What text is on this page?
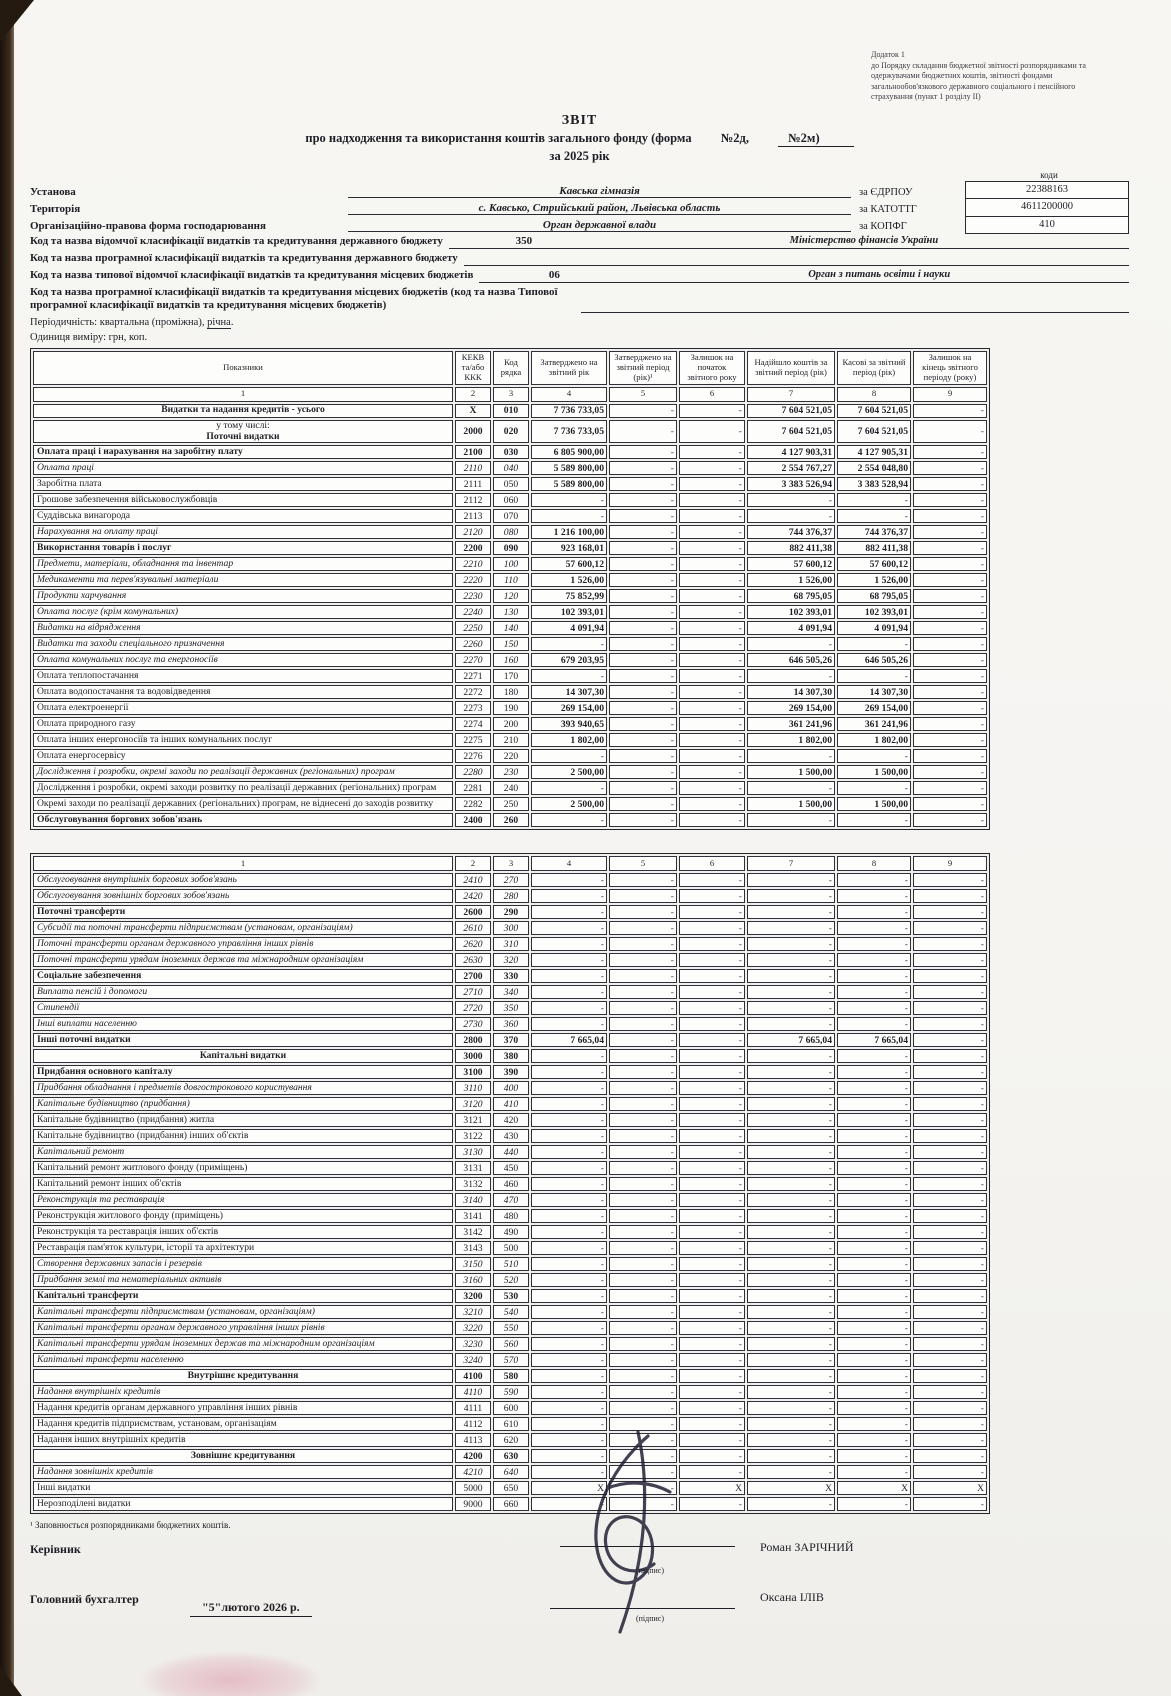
Додаток 1
до Порядку складання бюджетної звітності розпорядниками та
одержувачами бюджетних коштів, звітності фондами
загальнообов'язкового державного соціального і пенсійного
страхування (пункт 1 розділу ІІ)
ЗВІТ
про надходження та використання коштів загального фонду (форма №2д,	№2м)
за 2025 рік
коди
Установа	Кавська гімназія	за ЄДРПОУ
Територія	с. Кавсько, Стрийський район, Львівська область	за КАТОТТГ
Організаційно-правова форма господарювання	Орган державної влади	за КОПФГ
22388163
4611200000
410
Код та назва відомчої класифікації видатків та кредитування державного бюджету	350	Міністерство фінансів України
Код та назва програмної класифікації видатків та кредитування державного бюджету
Код та назва типової відомчої класифікації видатків та кредитування місцевих бюджетів	06	Орган з питань освіти і науки
Код та назва програмної класифікації видатків та кредитування місцевих бюджетів (код та назва Типової програмної класифікації видатків та кредитування місцевих бюджетів)
Періодичність: квартальна (проміжна), річна.
Одиниця виміру: грн, коп.
Показники	КЕКВ та/або ККК	Код рядка	Затверджено на звітний рік	Затверджено на звітний період (рік)¹	Залишок на початок звітного року	Надійшло коштів за звітний період (рік)	Касові за звітний період (рік)	Залишок на кінець звітного періоду (року)
1	2	3	4	5	6	7	8	9
Видатки та надання кредитів - усього	X	010	7 736 733,05	-	-	7 604 521,05	7 604 521,05	-

у тому числі:
Поточні видатки	2000	020	7 736 733,05	-	-	7 604 521,05	7 604 521,05	-
Оплата праці і нарахування на заробітну плату	2100	030	6 805 900,00	-	-	4 127 903,31	4 127 905,31	-
Оплата праці	2110	040	5 589 800,00	-	-	2 554 767,27	2 554 048,80	-
Заробітна плата	2111	050	5 589 800,00	-	-	3 383 526,94	3 383 528,94	-
Грошове забезпечення військовослужбовців	2112	060	-	-	-	-	-	-
Суддівська винагорода	2113	070	-	-	-	-	-	-
Нарахування на оплату праці	2120	080	1 216 100,00	-	-	744 376,37	744 376,37	-
Використання товарів і послуг	2200	090	923 168,01	-	-	882 411,38	882 411,38	-
Предмети, матеріали, обладнання та інвентар	2210	100	57 600,12	-	-	57 600,12	57 600,12	-
Медикаменти та перев'язувальні матеріали	2220	110	1 526,00	-	-	1 526,00	1 526,00	-
Продукти харчування	2230	120	75 852,99	-	-	68 795,05	68 795,05	-
Оплата послуг (крім комунальних)	2240	130	102 393,01	-	-	102 393,01	102 393,01	-
Видатки на відрядження	2250	140	4 091,94	-	-	4 091,94	4 091,94	-
Видатки та заходи спеціального призначення	2260	150	-	-	-	-	-	-
Оплата комунальних послуг та енергоносіїв	2270	160	679 203,95	-	-	646 505,26	646 505,26	-
Оплата теплопостачання	2271	170	-	-	-	-	-	-
Оплата водопостачання та водовідведення	2272	180	14 307,30	-	-	14 307,30	14 307,30	-
Оплата електроенергії	2273	190	269 154,00	-	-	269 154,00	269 154,00	-
Оплата природного газу	2274	200	393 940,65	-	-	361 241,96	361 241,96	-
Оплата інших енергоносіїв та інших комунальних послуг	2275	210	1 802,00	-	-	1 802,00	1 802,00	-
Оплата енергосервісу	2276	220	-	-	-	-	-	-
Дослідження і розробки, окремі заходи по реалізації державних (регіональних) програм	2280	230	2 500,00	-	-	1 500,00	1 500,00	-
Дослідження і розробки, окремі заходи розвитку по реалізації державних (регіональних) програм	2281	240	-	-	-	-	-	-
Окремі заходи по реалізації державних (регіональних) програм, не віднесені до заходів розвитку	2282	250	2 500,00	-	-	1 500,00	1 500,00	-
Обслуговування боргових зобов'язань	2400	260	-	-	-	-	-	-
1	2	3	4	5	6	7	8	9
Обслуговування внутрішніх боргових зобов'язань	2410	270	-	-	-	-	-	-
Обслуговування зовнішніх боргових зобов'язань	2420	280	-	-	-	-	-	-
Поточні трансферти	2600	290	-	-	-	-	-	-
Субсидії та поточні трансферти підприємствам (установам, організаціям)	2610	300	-	-	-	-	-	-
Поточні трансферти органам державного управління інших рівнів	2620	310	-	-	-	-	-	-
Поточні трансферти урядам іноземних держав та міжнародним організаціям	2630	320	-	-	-	-	-	-
Соціальне забезпечення	2700	330	-	-	-	-	-	-
Виплата пенсій і допомоги	2710	340	-	-	-	-	-	-
Стипендії	2720	350	-	-	-	-	-	-
Інші виплати населенню	2730	360	-	-	-	-	-	-
Інші поточні видатки	2800	370	7 665,04	-	-	7 665,04	7 665,04	-
Капітальні видатки	3000	380	-	-	-	-	-	-
Придбання основного капіталу	3100	390	-	-	-	-	-	-
Придбання обладнання і предметів довгострокового користування	3110	400	-	-	-	-	-	-
Капітальне будівництво (придбання)	3120	410	-	-	-	-	-	-
Капітальне будівництво (придбання) житла	3121	420	-	-	-	-	-	-
Капітальне будівництво (придбання) інших об'єктів	3122	430	-	-	-	-	-	-
Капітальний ремонт	3130	440	-	-	-	-	-	-
Капітальний ремонт житлового фонду (приміщень)	3131	450	-	-	-	-	-	-
Капітальний ремонт інших об'єктів	3132	460	-	-	-	-	-	-
Реконструкція та реставрація	3140	470	-	-	-	-	-	-
Реконструкція житлового фонду (приміщень)	3141	480	-	-	-	-	-	-
Реконструкція та реставрація інших об'єктів	3142	490	-	-	-	-	-	-
Реставрація пам'яток культури, історії та архітектури	3143	500	-	-	-	-	-	-
Створення державних запасів і резервів	3150	510	-	-	-	-	-	-
Придбання землі та нематеріальних активів	3160	520	-	-	-	-	-	-
Капітальні трансферти	3200	530	-	-	-	-	-	-
Капітальні трансферти підприємствам (установам, організаціям)	3210	540	-	-	-	-	-	-
Капітальні трансферти органам державного управління інших рівнів	3220	550	-	-	-	-	-	-
Капітальні трансферти урядам іноземних держав та міжнародним організаціям	3230	560	-	-	-	-	-	-
Капітальні трансферти населенню	3240	570	-	-	-	-	-	-
Внутрішнє кредитування	4100	580	-	-	-	-	-	-
Надання внутрішніх кредитів	4110	590	-	-	-	-	-	-
Надання кредитів органам державного управління інших рівнів	4111	600	-	-	-	-	-	-
Надання кредитів підприємствам, установам, організаціям	4112	610	-	-	-	-	-	-
Надання інших внутрішніх кредитів	4113	620	-	-	-	-	-	-
Зовнішнє кредитування	4200	630	-	-	-	-	-	-
Надання зовнішніх кредитів	4210	640	-	-	-	-	-	-
Інші видатки	5000	650	X	-	X	X	X	X
Нерозподілені видатки	9000	660	-	-	-	-	-	-
¹ Заповнюється розпорядниками бюджетних коштів.
Керівник
(підпис)
Роман ЗАРІЧНИЙ
Головний бухгалтер
"5"лютого 2026 р.
(підпис)
Оксана ІЛІВ
